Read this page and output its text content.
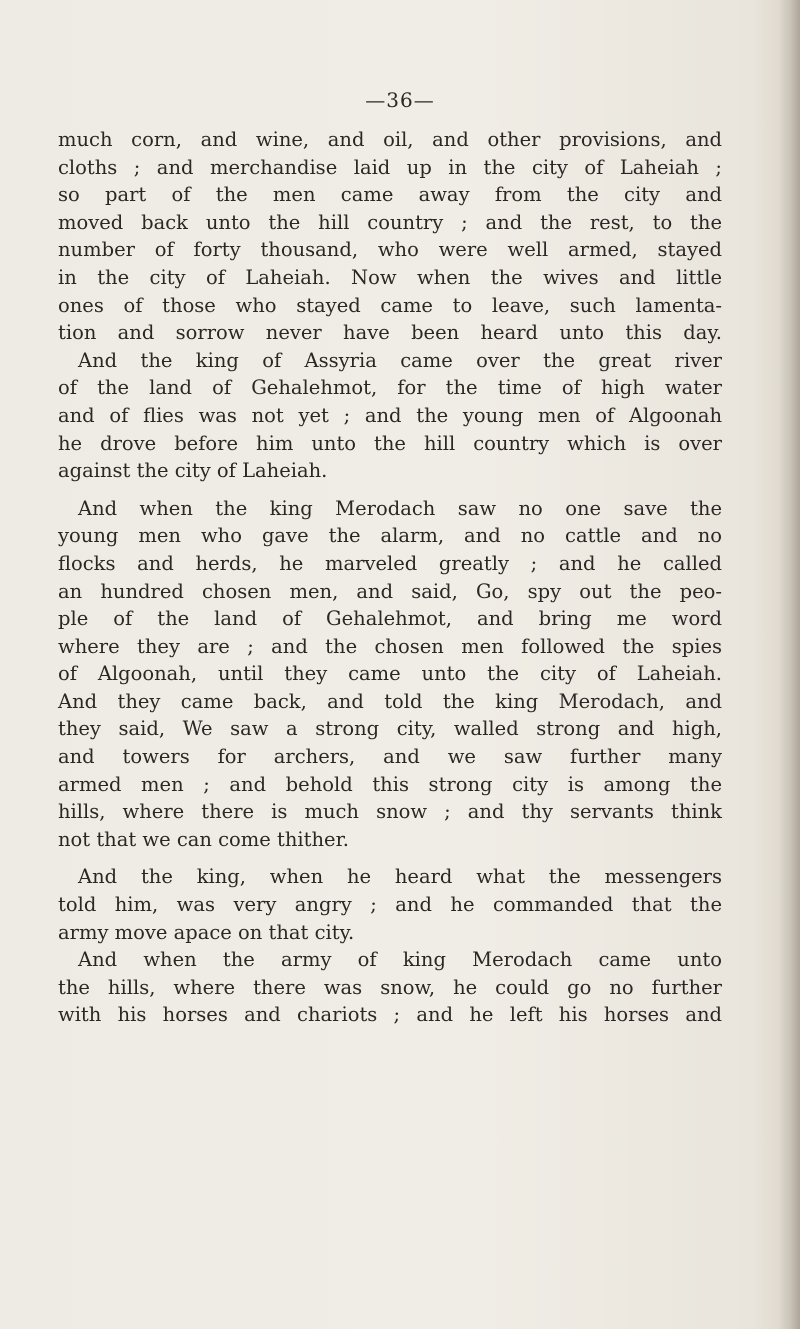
—36—

much corn, and wine, and oil, and other provisions, and
cloths ; and merchandise laid up in the city of Laheiah ;
so part of the men came away from the city and
moved back unto the hill country ; and the rest, to the
number of forty thousand, who were well armed, stayed
in the city of Laheiah. Now when the wives and little
ones of those who stayed came to leave, such lamenta-
tion and sorrow never have been heard unto this day.

And the king of Assyria came over the great river
of the land of Gehalehmot, for the time of high water
and of flies was not yet ; and the young men of Algoonah
he drove before him unto the hill country which is over
against the city of Laheiah.

And when the king Merodach saw no one save the
young men who gave the alarm, and no cattle and no
flocks and herds, he marveled greatly ; and he called
an hundred chosen men, and said, Go, spy out the peo-
ple of the land of Gehalehmot, and bring me word
where they are ; and the chosen men followed the spies
of Algoonah, until they came unto the city of Laheiah.
And they came back, and told the king Merodach, and
they said, We saw a strong city, walled strong and high,
and towers for archers, and we saw further many
armed men ; and behold this strong city is among the
hills, where there is much snow ; and thy servants think
not that we can come thither.

And the king, when he heard what the messengers
told him, was very angry ; and he commanded that the
army move apace on that city.

And when the army of king Merodach came unto
the hills, where there was snow, he could go no further
with his horses and chariots ; and he left his horses and
